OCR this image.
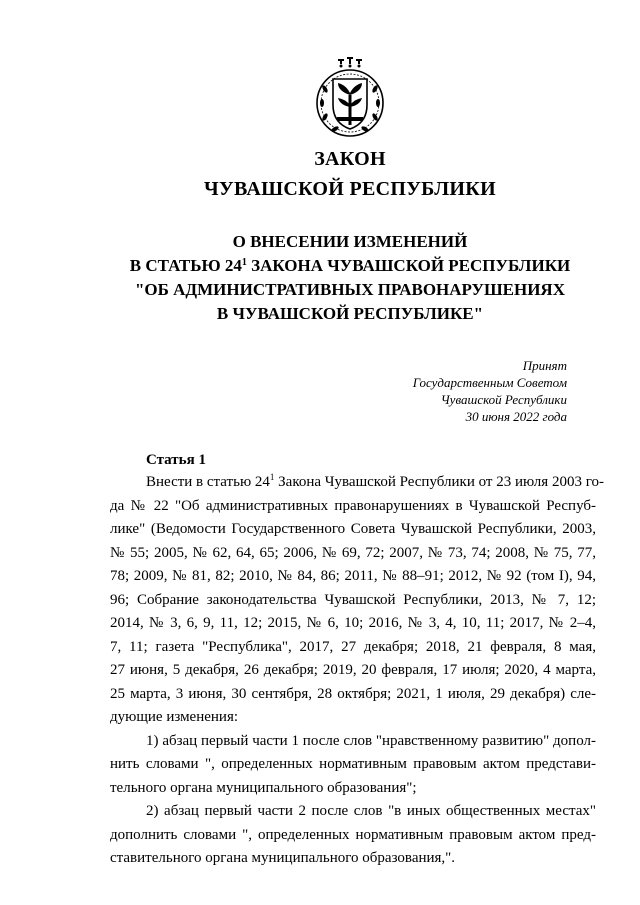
ЗАКОН
ЧУВАШСКОЙ РЕСПУБЛИКИ
О ВНЕСЕНИИ ИЗМЕНЕНИЙ
В СТАТЬЮ $24^1$ ЗАКОНА ЧУВАШСКОЙ РЕСПУБЛИКИ
"ОБ АДМИНИСТРАТИВНЫХ ПРАВОНАРУШЕНИЯХ
В ЧУВАШСКОЙ РЕСПУБЛИКЕ"
Принят
Государственным Советом
Чувашской Республики
30 июня 2022 года
Статья 1
Внести в статью $24^1$ Закона Чувашской Республики от 23 июля 2003 го-
да № 22 "Об административных правонарушениях в Чувашской Респуб-
лике" (Ведомости Государственного Совета Чувашской Республики, 2003,
№ 55; 2005, № 62, 64, 65; 2006, № 69, 72; 2007, № 73, 74; 2008, № 75, 77,
78; 2009, № 81, 82; 2010, № 84, 86; 2011, № 88–91; 2012, № 92 (том I), 94,
96; Собрание законодательства Чувашской Республики, 2013, № 7, 12;
2014, № 3, 6, 9, 11, 12; 2015, № 6, 10; 2016, № 3, 4, 10, 11; 2017, № 2–4,
7, 11; газета "Республика", 2017, 27 декабря; 2018, 21 февраля, 8 мая,
27 июня, 5 декабря, 26 декабря; 2019, 20 февраля, 17 июля; 2020, 4 марта,
25 марта, 3 июня, 30 сентября, 28 октября; 2021, 1 июля, 29 декабря) сле-
дующие изменения:
1) абзац первый части 1 после слов "нравственному развитию" допол-
нить словами ", определенных нормативным правовым актом представи-
тельного органа муниципального образования";
2) абзац первый части 2 после слов "в иных общественных местах"
дополнить словами ", определенных нормативным правовым актом пред-
ставительного органа муниципального образования,".
